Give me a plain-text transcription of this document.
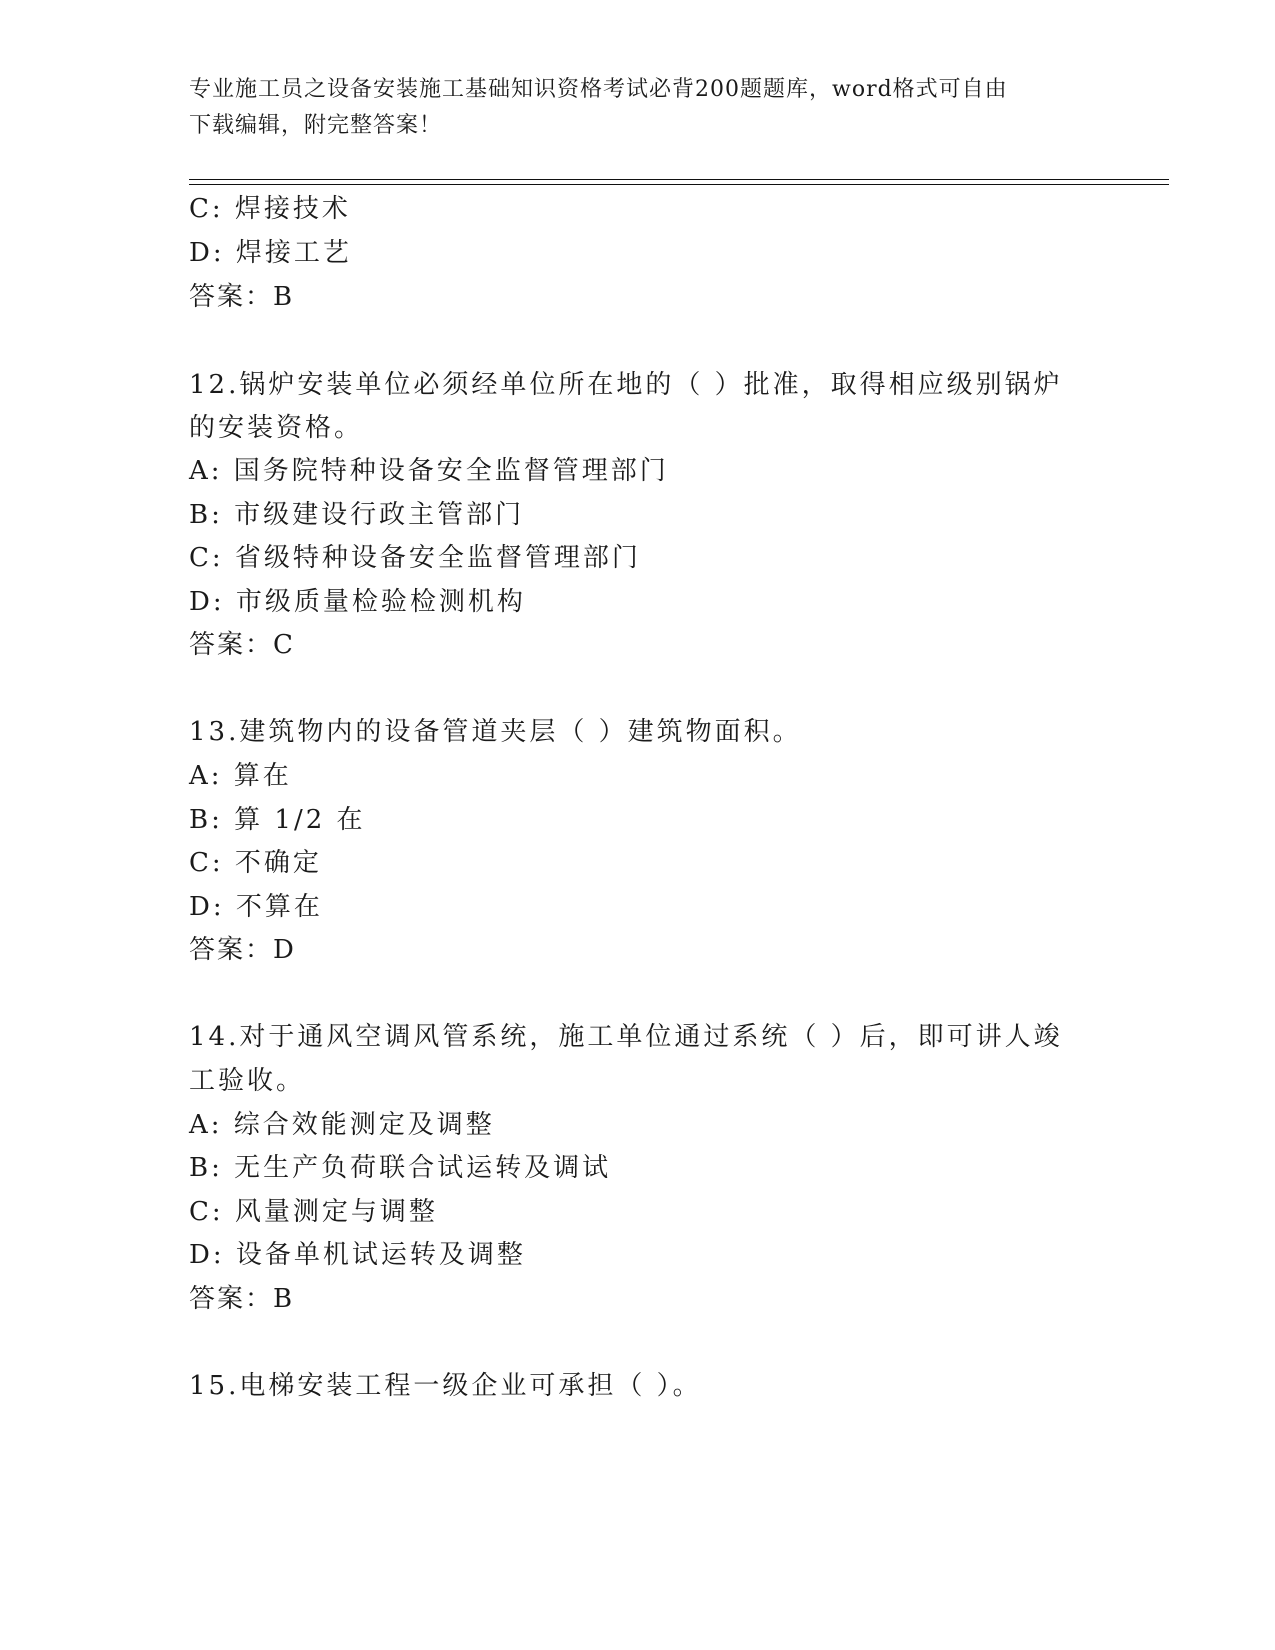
专业施工员之设备安装施工基础知识资格考试必背200题题库，word格式可自由
下载编辑，附完整答案！
C: 焊接技术
D: 焊接工艺
答案：B
12.锅炉安装单位必须经单位所在地的（ ）批准，取得相应级别锅炉
的安装资格。
A: 国务院特种设备安全监督管理部门
B: 市级建设行政主管部门
C: 省级特种设备安全监督管理部门
D: 市级质量检验检测机构
答案：C
13.建筑物内的设备管道夹层（ ）建筑物面积。
A: 算在
B: 算 1/2 在
C: 不确定
D: 不算在
答案：D
14.对于通风空调风管系统，施工单位通过系统（ ）后，即可讲人竣
工验收。
A: 综合效能测定及调整
B: 无生产负荷联合试运转及调试
C: 风量测定与调整
D: 设备单机试运转及调整
答案：B
15.电梯安装工程一级企业可承担（ ）。
